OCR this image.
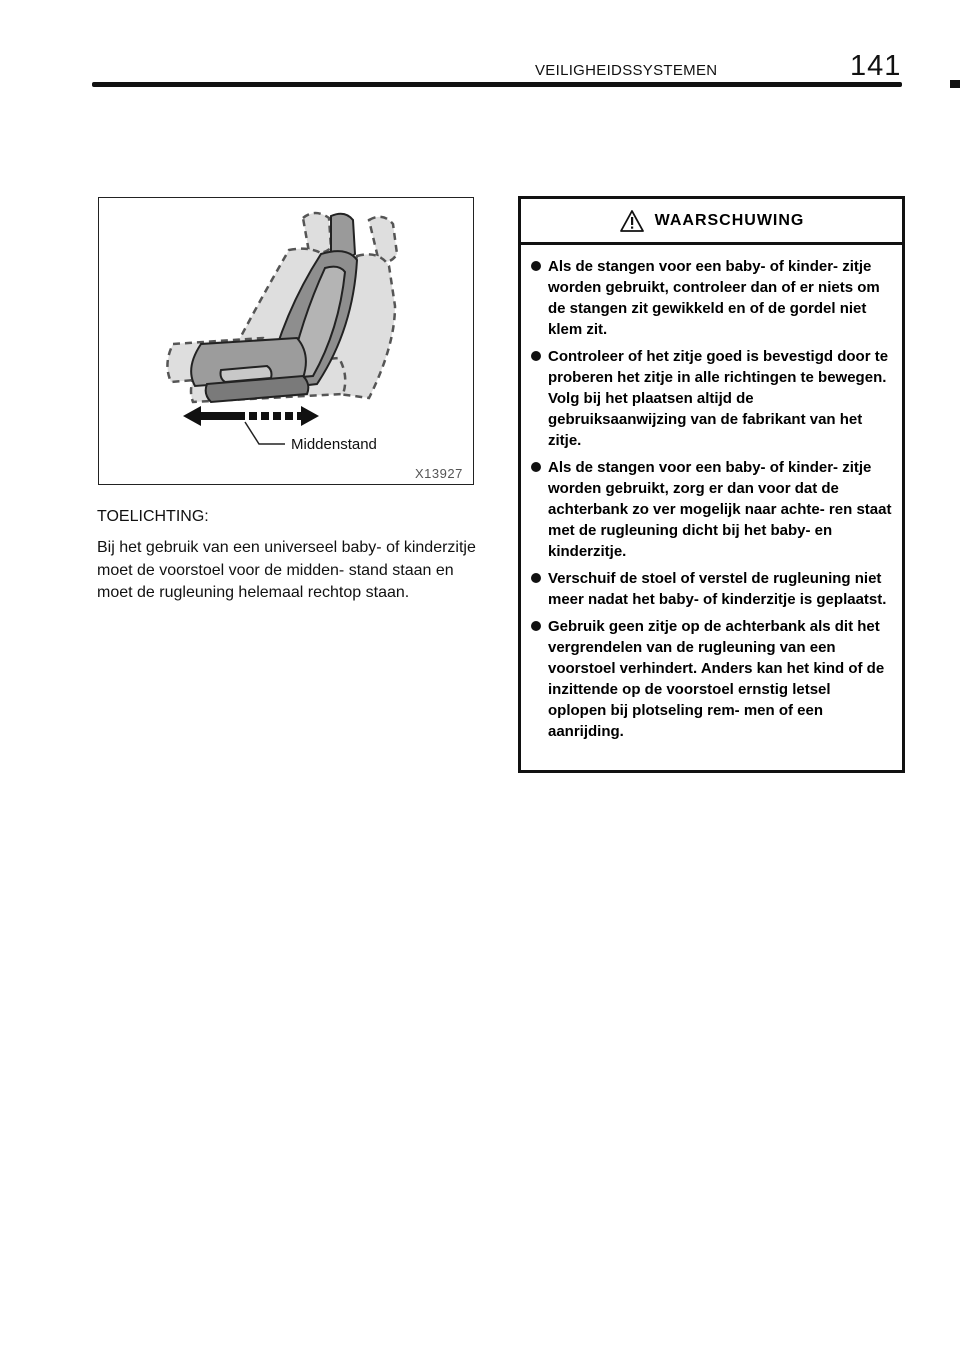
VEILIGHEIDSSYSTEMEN	141
Middenstand
X13927
TOELICHTING:
Bij het gebruik van een universeel baby‐ of kinderzitje moet de voorstoel voor de midden- stand staan en moet de rugleuning helemaal rechtop staan.
WAARSCHUWING
Als de stangen voor een baby‐ of kinder- zitje worden gebruikt, controleer dan of er niets om de stangen zit gewikkeld en of de gordel niet klem zit.
Controleer of het zitje goed is bevestigd door te proberen het zitje in alle richtingen te bewegen. Volg bij het plaatsen altijd de gebruiksaanwijzing van de fabrikant van het zitje.
Als de stangen voor een baby‐ of kinder- zitje worden gebruikt, zorg er dan voor dat de achterbank zo ver mogelijk naar achte- ren staat met de rugleuning dicht bij het baby‐ en kinderzitje.
Verschuif de stoel of verstel de rugleuning niet meer nadat het baby‐ of kinderzitje is geplaatst.
Gebruik geen zitje op de achterbank als dit het vergrendelen van de rugleuning van een voorstoel verhindert. Anders kan het kind of de inzittende op de voorstoel ernstig letsel oplopen bij plotseling rem- men of een aanrijding.
